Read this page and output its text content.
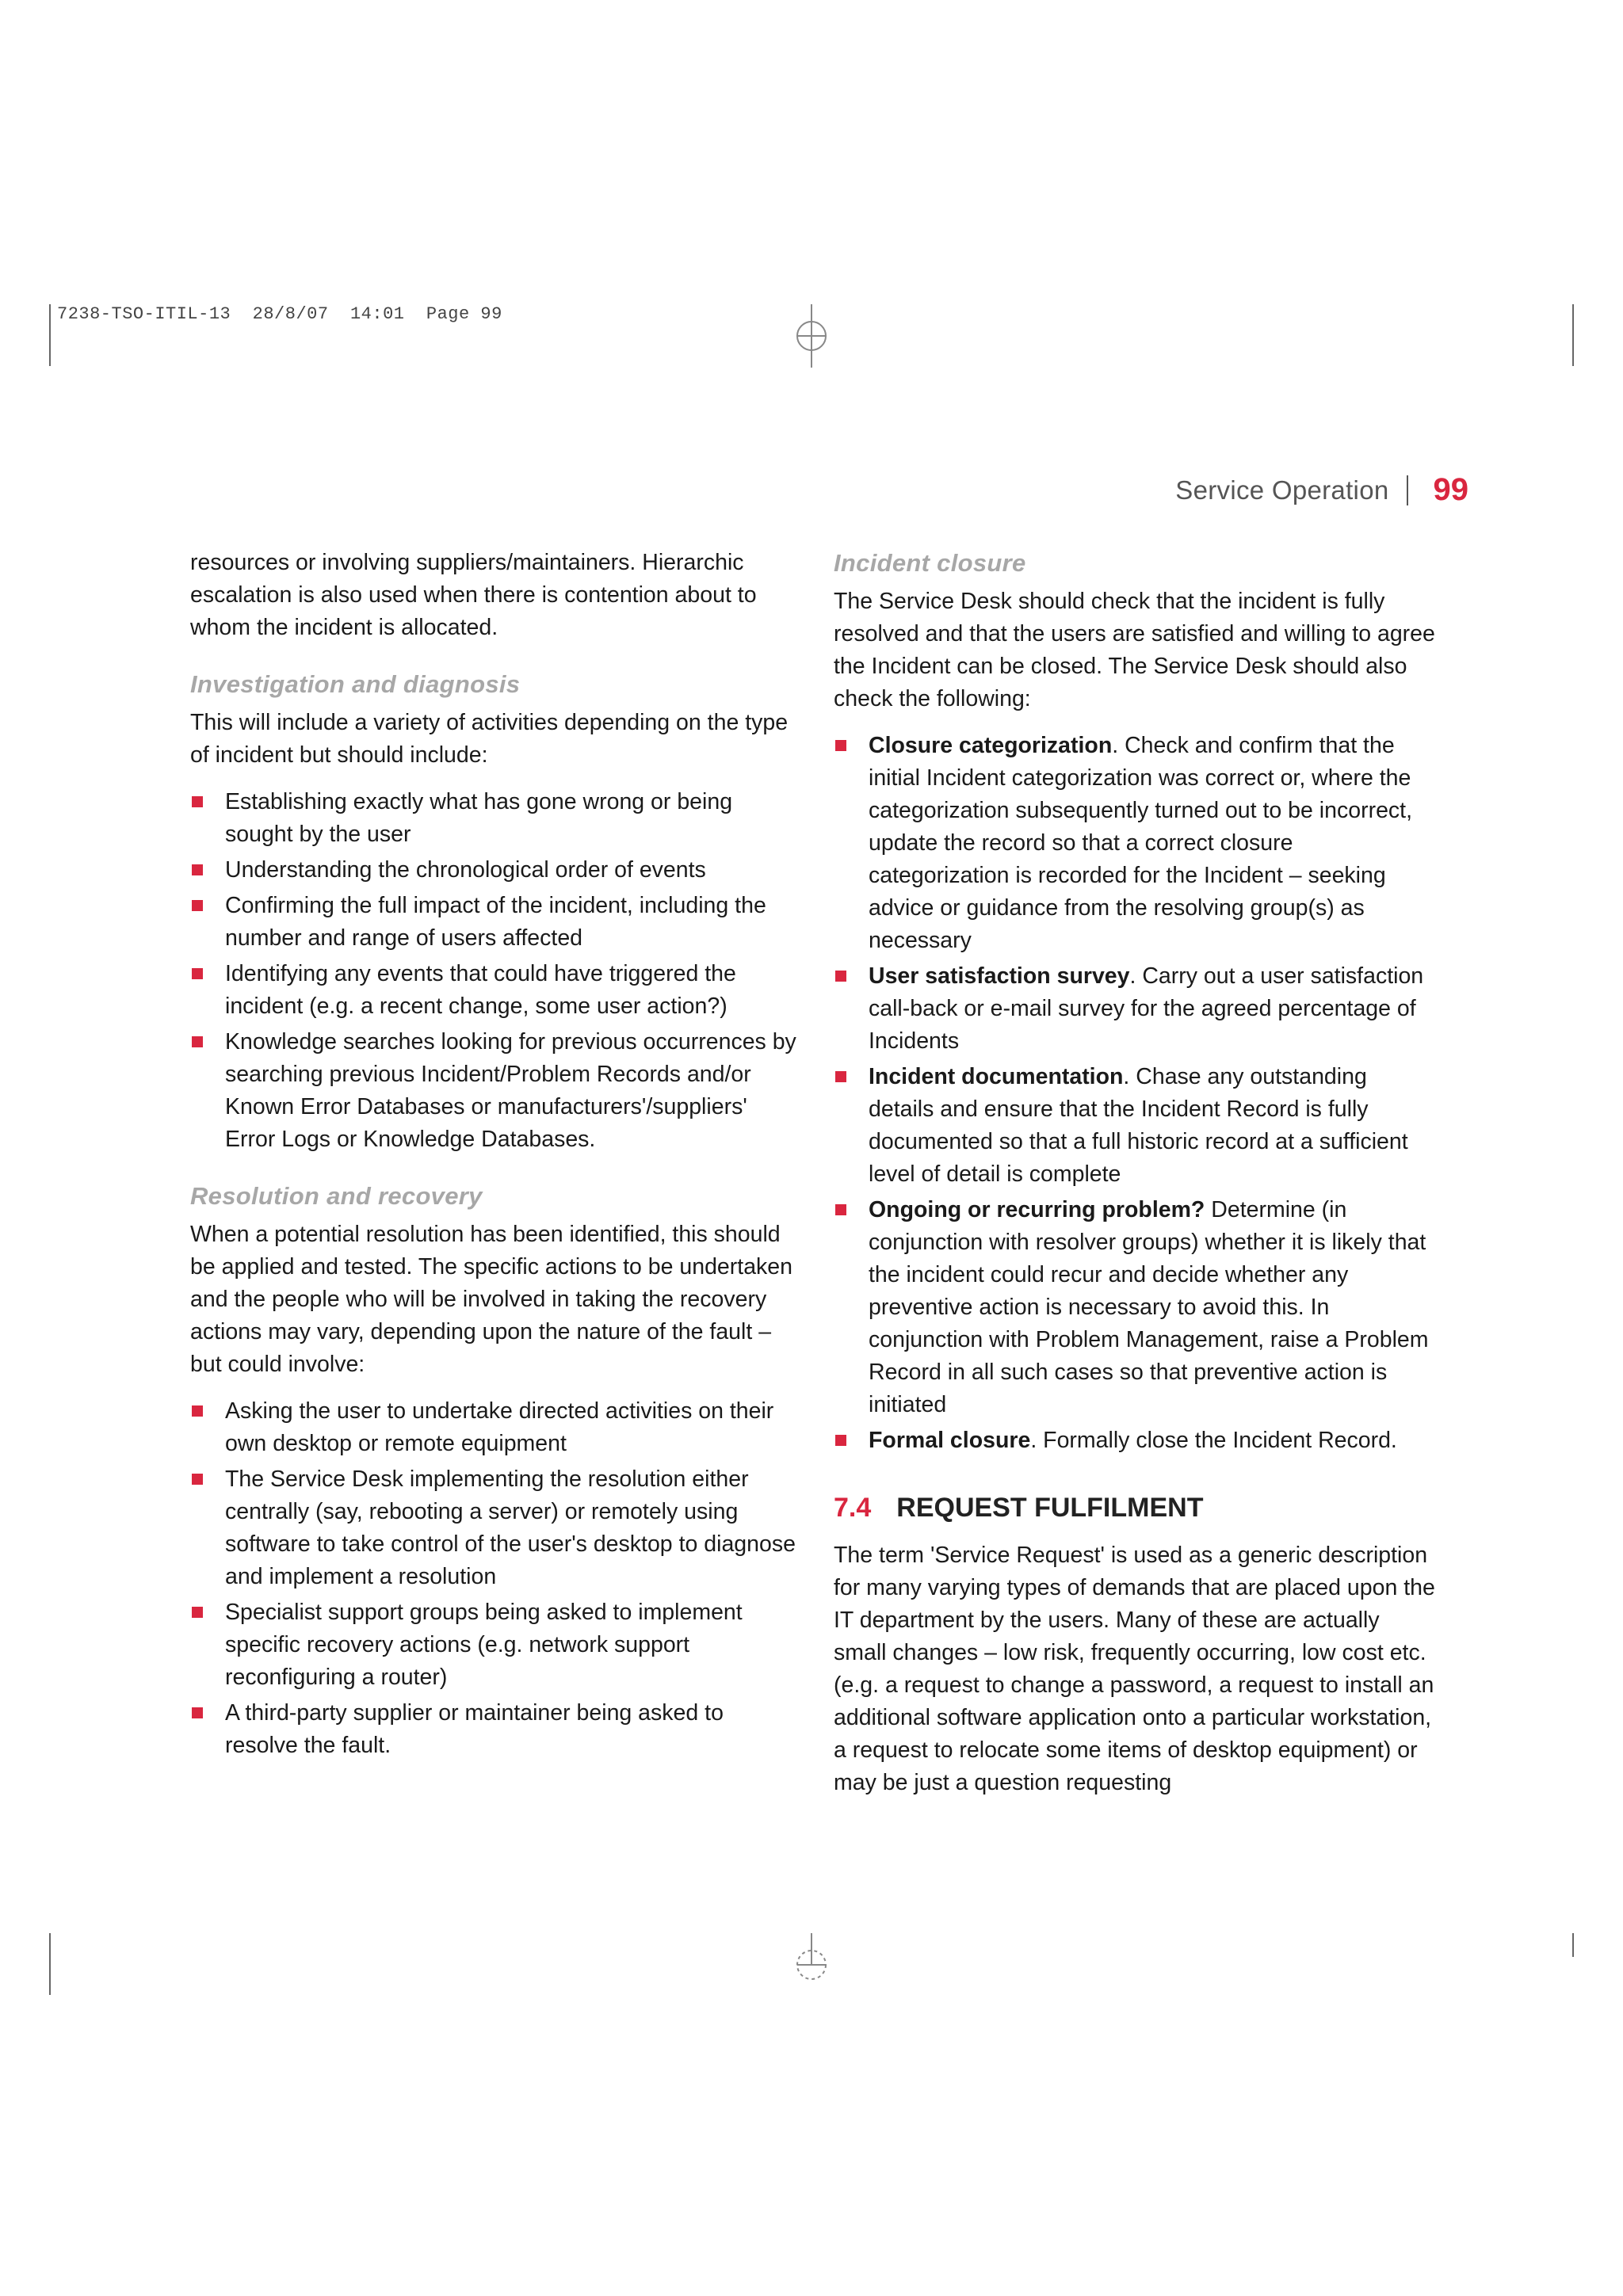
7238-TSO-ITIL-13  28/8/07  14:01  Page 99
Service Operation 99

resources or involving suppliers/maintainers. Hierarchic escalation is also used when there is contention about to whom the incident is allocated.

Investigation and diagnosis

This will include a variety of activities depending on the type of incident but should include:

Establishing exactly what has gone wrong or being sought by the user
Understanding the chronological order of events
Confirming the full impact of the incident, including the number and range of users affected
Identifying any events that could have triggered the incident (e.g. a recent change, some user action?)
Knowledge searches looking for previous occurrences by searching previous Incident/Problem Records and/or Known Error Databases or manufacturers'/suppliers' Error Logs or Knowledge Databases.
Resolution and recovery

When a potential resolution has been identified, this should be applied and tested. The specific actions to be undertaken and the people who will be involved in taking the recovery actions may vary, depending upon the nature of the fault – but could involve:

Asking the user to undertake directed activities on their own desktop or remote equipment
The Service Desk implementing the resolution either centrally (say, rebooting a server) or remotely using software to take control of the user's desktop to diagnose and implement a resolution
Specialist support groups being asked to implement specific recovery actions (e.g. network support reconfiguring a router)
A third-party supplier or maintainer being asked to resolve the fault.
Incident closure

The Service Desk should check that the incident is fully resolved and that the users are satisfied and willing to agree the Incident can be closed. The Service Desk should also check the following:

Closure categorization. Check and confirm that the initial Incident categorization was correct or, where the categorization subsequently turned out to be incorrect, update the record so that a correct closure categorization is recorded for the Incident – seeking advice or guidance from the resolving group(s) as necessary
User satisfaction survey. Carry out a user satisfaction call-back or e-mail survey for the agreed percentage of Incidents
Incident documentation. Chase any outstanding details and ensure that the Incident Record is fully documented so that a full historic record at a sufficient level of detail is complete
Ongoing or recurring problem? Determine (in conjunction with resolver groups) whether it is likely that the incident could recur and decide whether any preventive action is necessary to avoid this. In conjunction with Problem Management, raise a Problem Record in all such cases so that preventive action is initiated
Formal closure. Formally close the Incident Record.
7.4 REQUEST FULFILMENT

The term 'Service Request' is used as a generic description for many varying types of demands that are placed upon the IT department by the users. Many of these are actually small changes – low risk, frequently occurring, low cost etc. (e.g. a request to change a password, a request to install an additional software application onto a particular workstation, a request to relocate some items of desktop equipment) or may be just a question requesting
